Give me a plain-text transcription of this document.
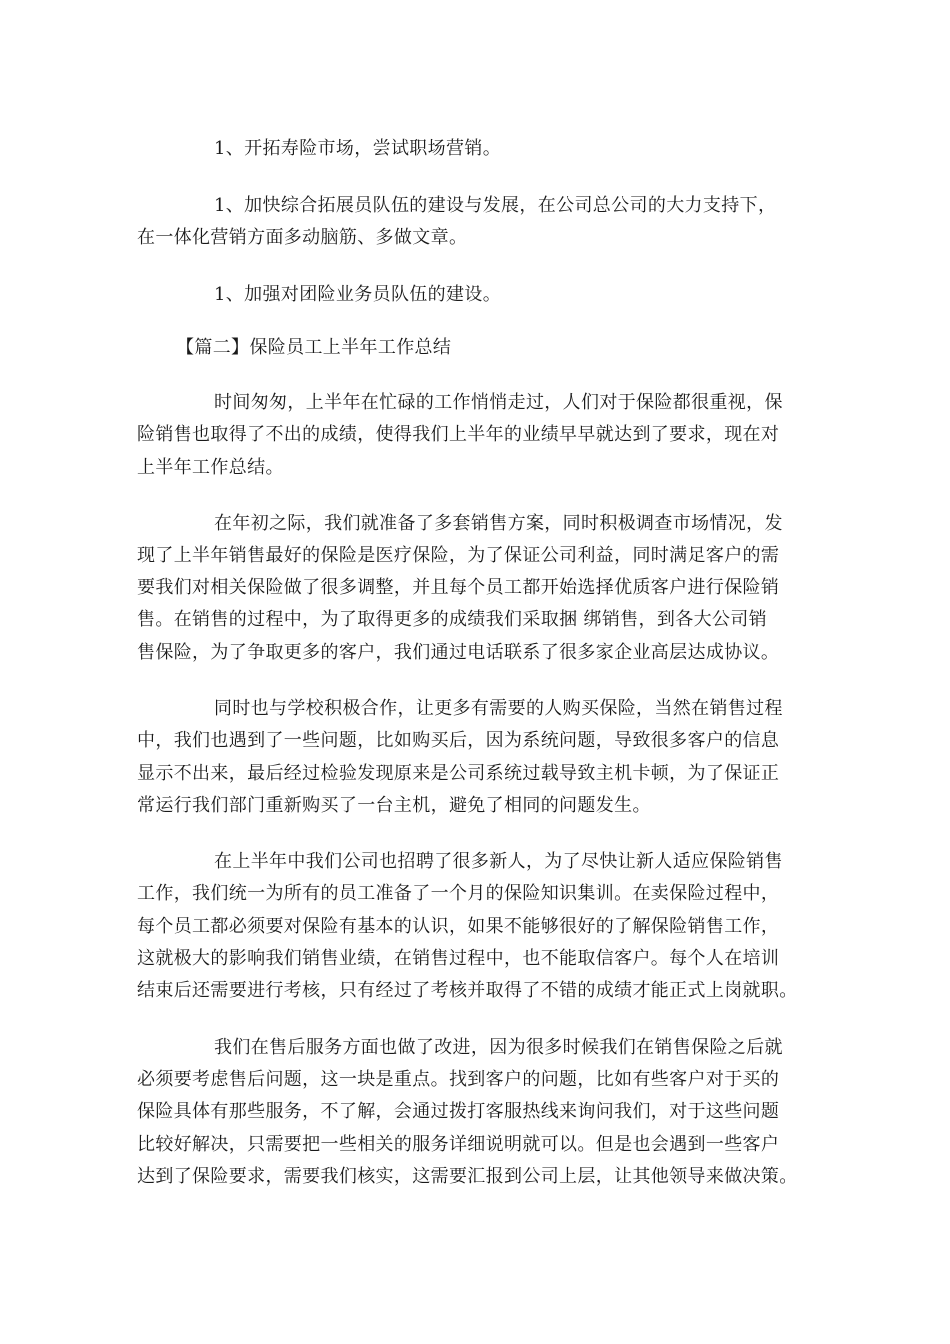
1、开拓寿险市场，尝试职场营销。
1、加快综合拓展员队伍的建设与发展，在公司总公司的大力支持下，
在一体化营销方面多动脑筋、多做文章。
1、加强对团险业务员队伍的建设。
【篇二】保险员工上半年工作总结
时间匆匆，上半年在忙碌的工作悄悄走过，人们对于保险都很重视，保
险销售也取得了不出的成绩，使得我们上半年的业绩早早就达到了要求，现在对
上半年工作总结。
在年初之际，我们就准备了多套销售方案，同时积极调查市场情况，发
现了上半年销售最好的保险是医疗保险，为了保证公司利益，同时满足客户的需
要我们对相关保险做了很多调整，并且每个员工都开始选择优质客户进行保险销
售。在销售的过程中，为了取得更多的成绩我们采取捆 绑销售，到各大公司销
售保险，为了争取更多的客户，我们通过电话联系了很多家企业高层达成协议。
同时也与学校积极合作，让更多有需要的人购买保险，当然在销售过程
中，我们也遇到了一些问题，比如购买后，因为系统问题，导致很多客户的信息
显示不出来，最后经过检验发现原来是公司系统过载导致主机卡顿，为了保证正
常运行我们部门重新购买了一台主机，避免了相同的问题发生。
在上半年中我们公司也招聘了很多新人，为了尽快让新人适应保险销售
工作，我们统一为所有的员工准备了一个月的保险知识集训。在卖保险过程中，
每个员工都必须要对保险有基本的认识，如果不能够很好的了解保险销售工作，
这就极大的影响我们销售业绩，在销售过程中，也不能取信客户。每个人在培训
结束后还需要进行考核，只有经过了考核并取得了不错的成绩才能正式上岗就职。
我们在售后服务方面也做了改进，因为很多时候我们在销售保险之后就
必须要考虑售后问题，这一块是重点。找到客户的问题，比如有些客户对于买的
保险具体有那些服务，不了解，会通过拨打客服热线来询问我们，对于这些问题
比较好解决，只需要把一些相关的服务详细说明就可以。但是也会遇到一些客户
达到了保险要求，需要我们核实，这需要汇报到公司上层，让其他领导来做决策。
